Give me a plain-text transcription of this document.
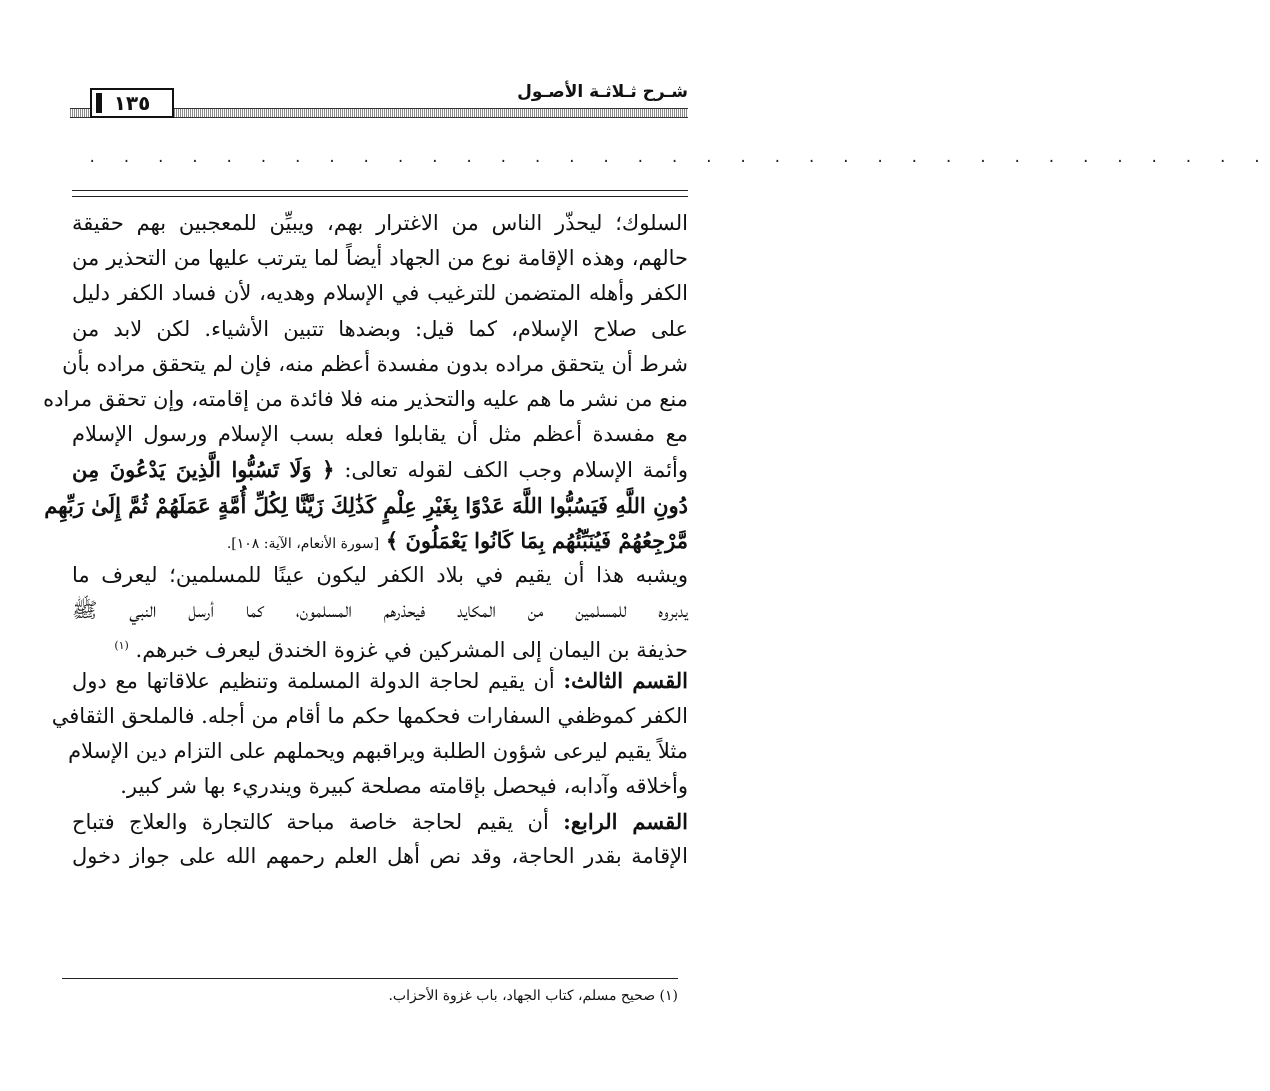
١٣٥	شـرح ثـلاثـة الأصـول
. . . . . . . . . . . . . . . . . . . . . . . . . . . . . . . . . . .
السلوك؛ ليحذّر الناس من الاغترار بهم، ويبيِّن للمعجبين بهم حقيقة
حالهم، وهذه الإقامة نوع من الجهاد أيضاً لما يترتب عليها من التحذير من
الكفر وأهله المتضمن للترغيب في الإسلام وهديه، لأن فساد الكفر دليل
على صلاح الإسلام، كما قيل: وبضدها تتبين الأشياء. لكن لابد من
شرط أن يتحقق مراده بدون مفسدة أعظم منه، فإن لم يتحقق مراده بأن
منع من نشر ما هم عليه والتحذير منه فلا فائدة من إقامته، وإن تحقق مراده
مع مفسدة أعظم مثل أن يقابلوا فعله بسب الإسلام ورسول الإسلام
وأئمة الإسلام وجب الكف لقوله تعالى: ﴿ وَلَا تَسُبُّوا الَّذِينَ يَدْعُونَ مِن
دُونِ اللَّهِ فَيَسُبُّوا اللَّهَ عَدْوًا بِغَيْرِ عِلْمٍ كَذَٰلِكَ زَيَّنَّا لِكُلِّ أُمَّةٍ عَمَلَهُمْ ثُمَّ إِلَىٰ رَبِّهِم
مَّرْجِعُهُمْ فَيُنَبِّئُهُم بِمَا كَانُوا يَعْمَلُونَ ﴾ [سورة الأنعام، الآية: ١٠٨].
ويشبه هذا أن يقيم في بلاد الكفر ليكون عينًا للمسلمين؛ ليعرف ما
يدبروه للمسلمين من المكايد فيحذرهم المسلمون، كما أرسل النبي ﷺ
حذيفة بن اليمان إلى المشركين في غزوة الخندق ليعرف خبرهم. $^{(١)}$
القسم الثالث: أن يقيم لحاجة الدولة المسلمة وتنظيم علاقاتها مع دول
الكفر كموظفي السفارات فحكمها حكم ما أقام من أجله. فالملحق الثقافي
مثلاً يقيم ليرعى شؤون الطلبة ويراقبهم ويحملهم على التزام دين الإسلام
وأخلاقه وآدابه، فيحصل بإقامته مصلحة كبيرة ويندريء بها شر كبير.
القسم الرابع: أن يقيم لحاجة خاصة مباحة كالتجارة والعلاج فتباح
الإقامة بقدر الحاجة، وقد نص أهل العلم رحمهم الله على جواز دخول
(١) صحيح مسلم، كتاب الجهاد، باب غزوة الأحزاب.
